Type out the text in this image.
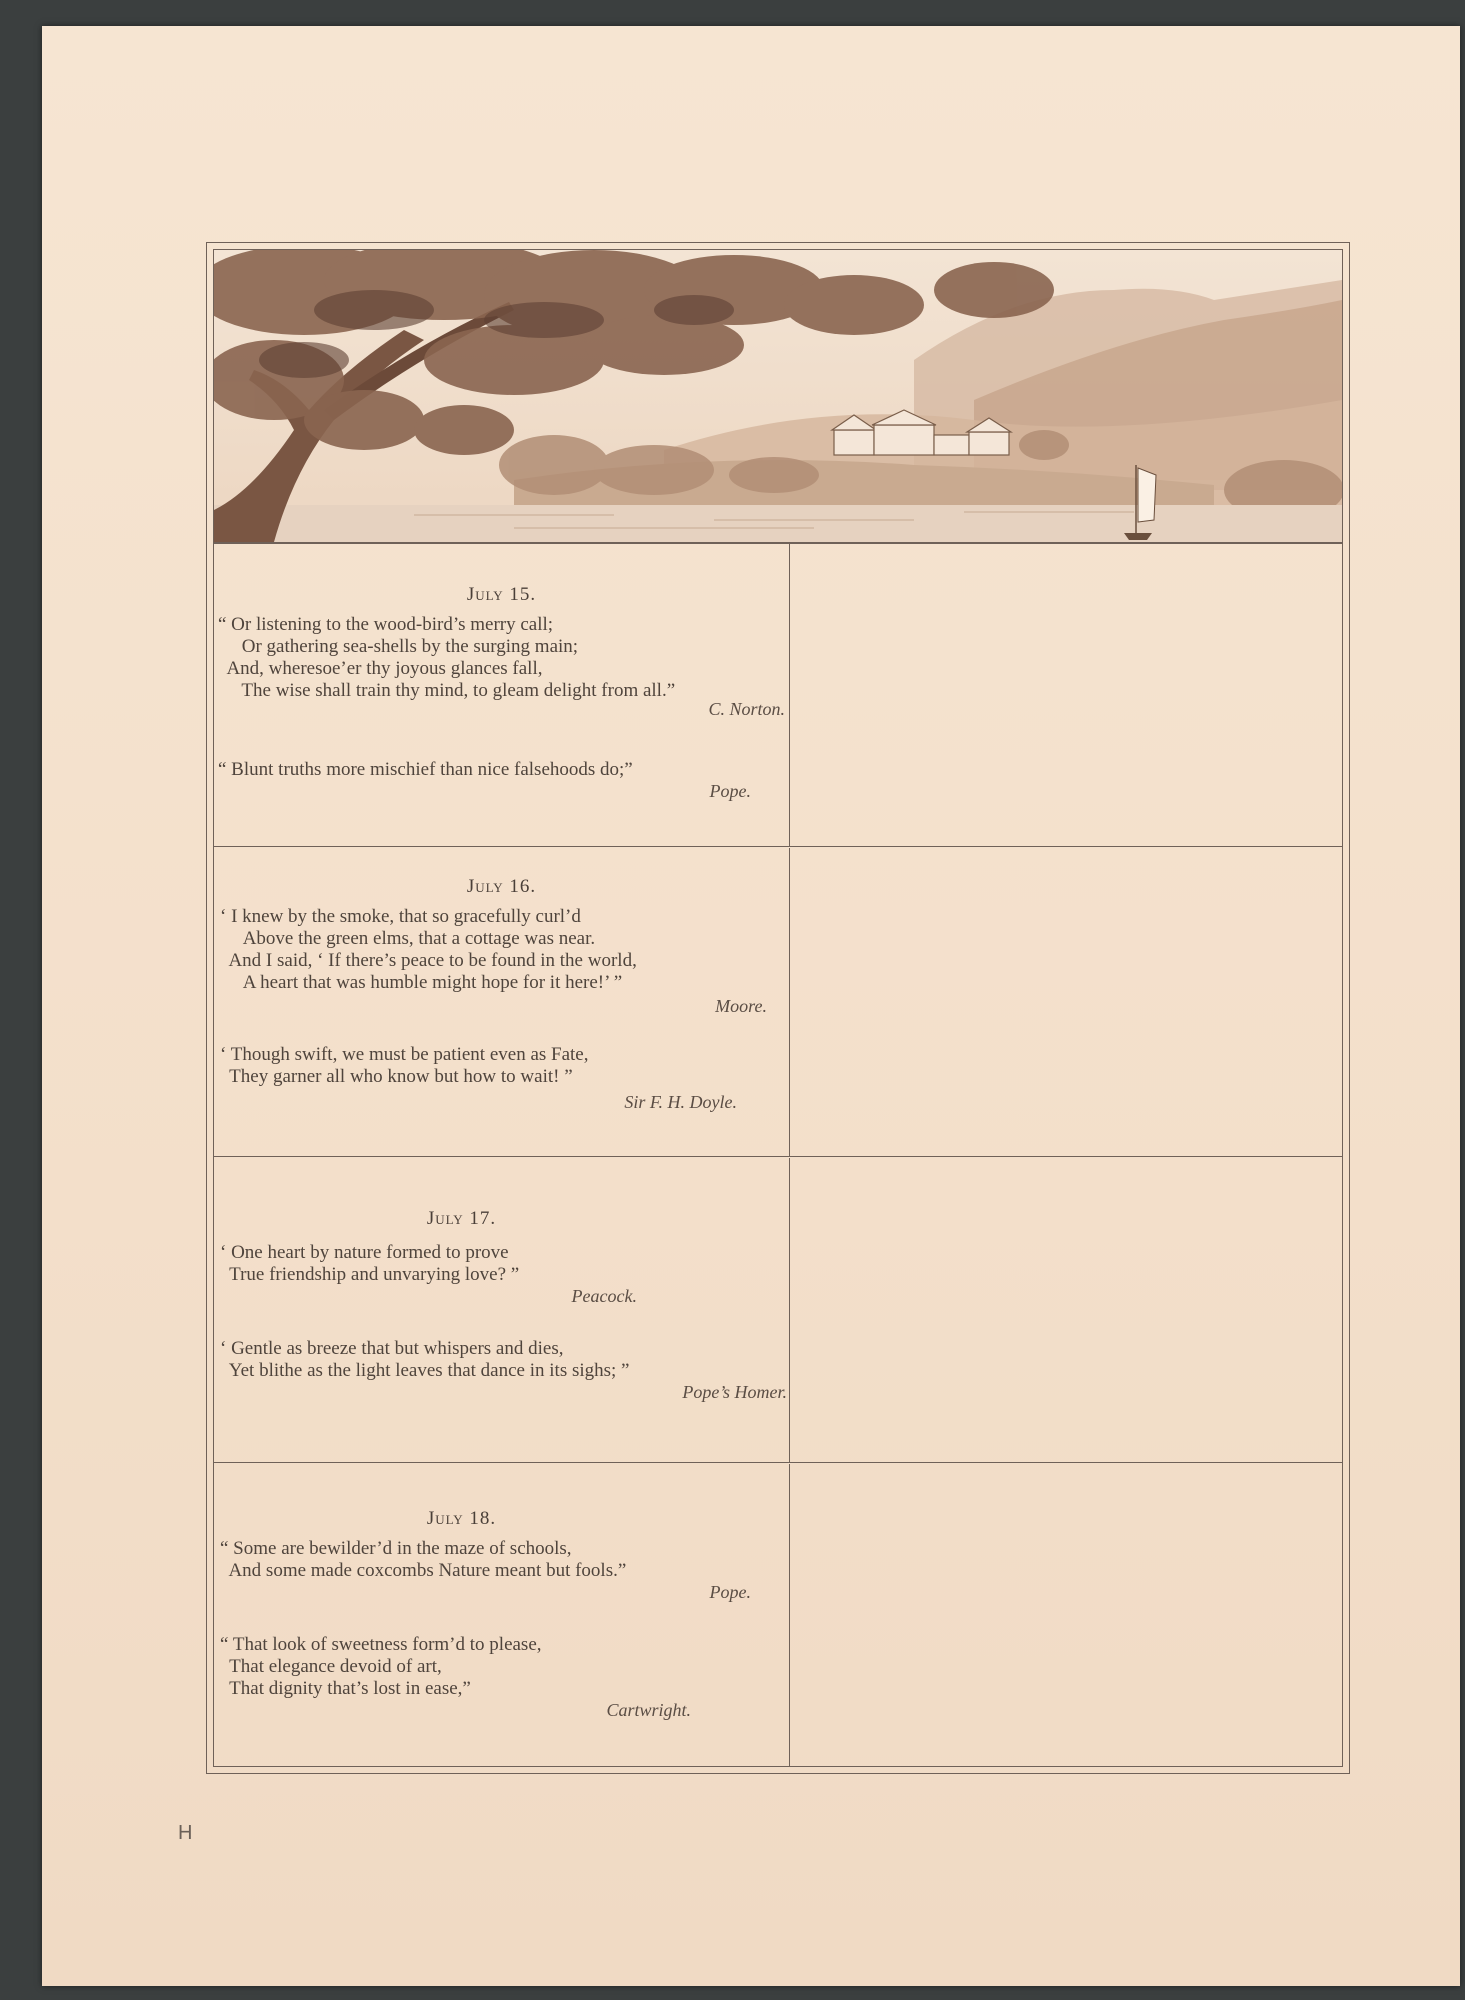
July 15.
“ Or listening to the wood-bird’s merry call;
Or gathering sea-shells by the surging main;
And, wheresoe’er thy joyous glances fall,
The wise shall train thy mind, to gleam delight from all.”
C. Norton.
“ Blunt truths more mischief than nice falsehoods do;”
Pope.
July 16.
‘ I knew by the smoke, that so gracefully curl’d
Above the green elms, that a cottage was near.
And I said, ‘ If there’s peace to be found in the world,
A heart that was humble might hope for it here!’ ”
Moore.
‘ Though swift, we must be patient even as Fate,
They garner all who know but how to wait! ”
Sir F. H. Doyle.
July 17.
‘ One heart by nature formed to prove
True friendship and unvarying love? ”
Peacock.
‘ Gentle as breeze that but whispers and dies,
Yet blithe as the light leaves that dance in its sighs; ”
Pope’s Homer.
July 18.
“ Some are bewilder’d in the maze of schools,
And some made coxcombs Nature meant but fools.”
Pope.
“ That look of sweetness form’d to please,
That elegance devoid of art,
That dignity that’s lost in ease,”
Cartwright.
H
